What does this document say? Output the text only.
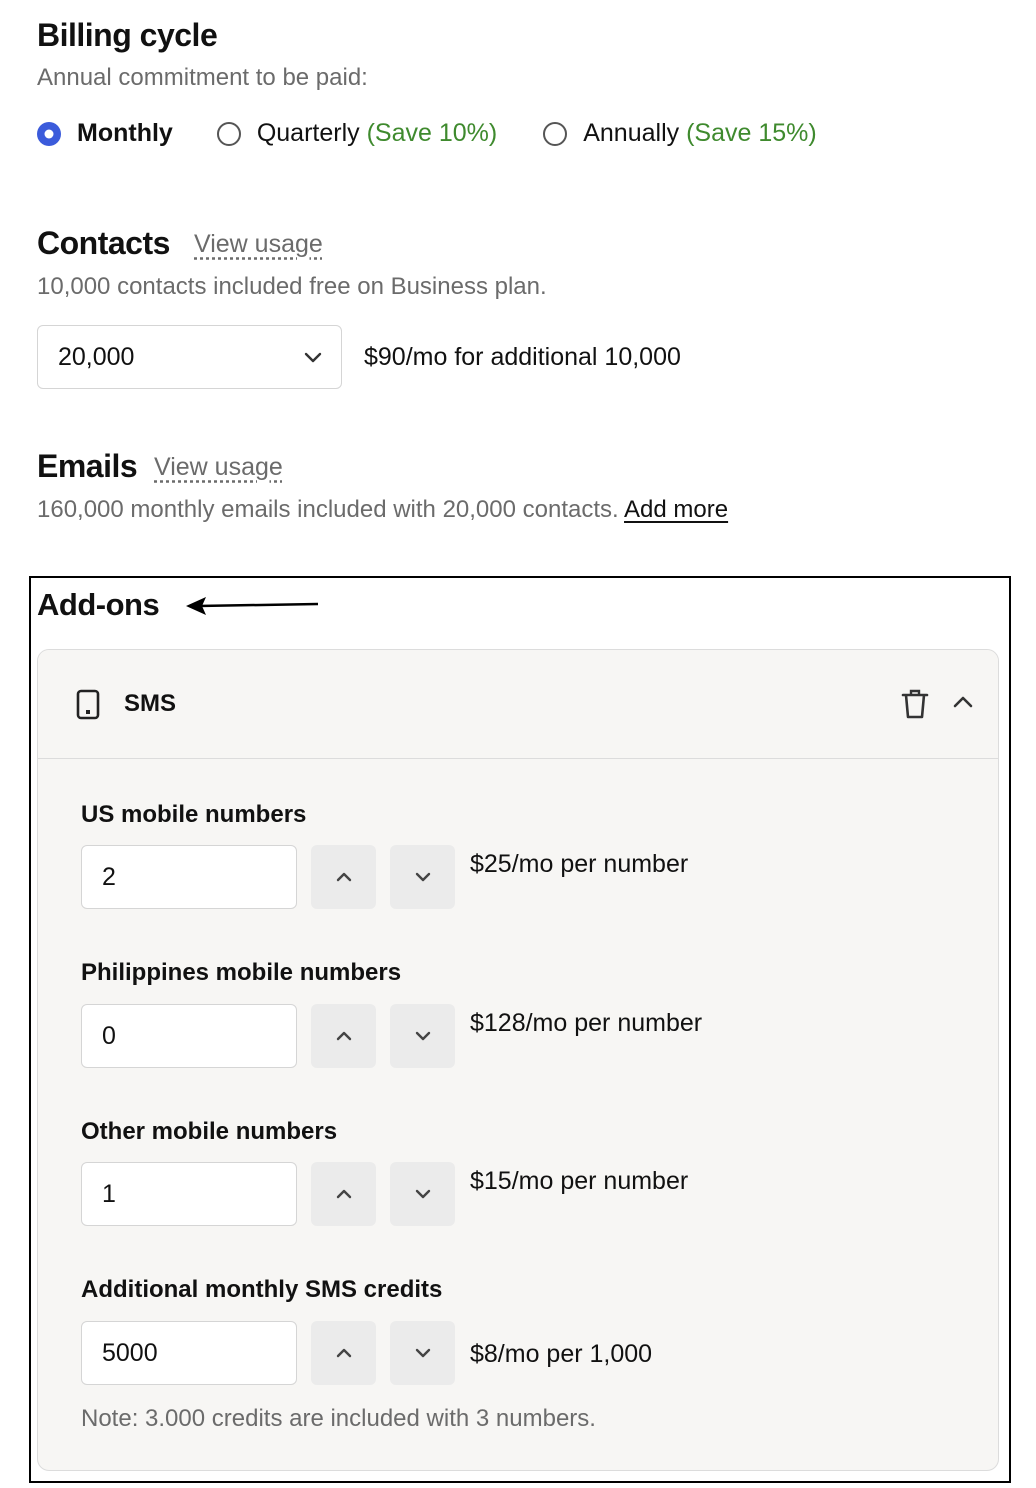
Billing cycle
Annual commitment to be paid:
Monthly	Quarterly (Save 10%)	Annually (Save 15%)
Contacts View usage
10,000 contacts included free on Business plan.
20,000	$90/mo for additional 10,000
Emails View usage
160,000 monthly emails included with 20,000 contacts. Add more
Add-ons
SMS
US mobile numbers
2	$25/mo per number
Philippines mobile numbers
0	$128/mo per number
Other mobile numbers
1	$15/mo per number
Additional monthly SMS credits
5000	$8/mo per 1,000
Note: 3.000 credits are included with 3 numbers.
